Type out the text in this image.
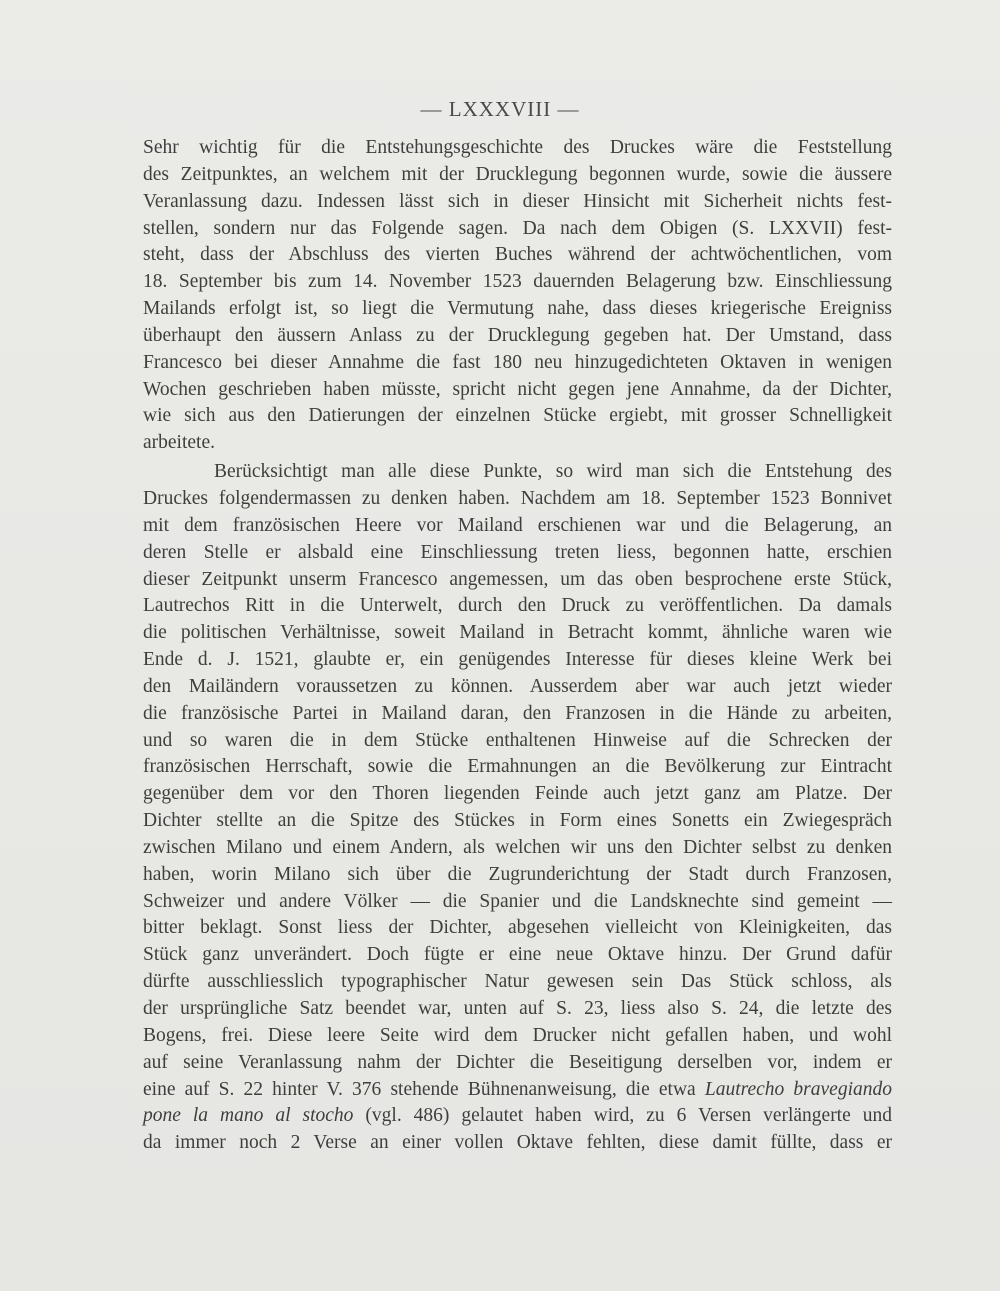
— LXXXVIII —
Sehr wichtig für die Entstehungsgeschichte des Druckes wäre die Feststellung
des Zeitpunktes, an welchem mit der Drucklegung begonnen wurde, sowie die äussere
Veranlassung dazu. Indessen lässt sich in dieser Hinsicht mit Sicherheit nichts fest-
stellen, sondern nur das Folgende sagen. Da nach dem Obigen (S. LXXVII) fest-
steht, dass der Abschluss des vierten Buches während der achtwöchentlichen, vom
18. September bis zum 14. November 1523 dauernden Belagerung bzw. Einschliessung
Mailands erfolgt ist, so liegt die Vermutung nahe, dass dieses kriegerische Ereigniss
überhaupt den äussern Anlass zu der Drucklegung gegeben hat. Der Umstand, dass
Francesco bei dieser Annahme die fast 180 neu hinzugedichteten Oktaven in wenigen
Wochen geschrieben haben müsste, spricht nicht gegen jene Annahme, da der Dichter,
wie sich aus den Datierungen der einzelnen Stücke ergiebt, mit grosser Schnelligkeit
arbeitete.
Berücksichtigt man alle diese Punkte, so wird man sich die Entstehung des
Druckes folgendermassen zu denken haben. Nachdem am 18. September 1523 Bonnivet
mit dem französischen Heere vor Mailand erschienen war und die Belagerung, an
deren Stelle er alsbald eine Einschliessung treten liess, begonnen hatte, erschien
dieser Zeitpunkt unserm Francesco angemessen, um das oben besprochene erste Stück,
Lautrechos Ritt in die Unterwelt, durch den Druck zu veröffentlichen. Da damals
die politischen Verhältnisse, soweit Mailand in Betracht kommt, ähnliche waren wie
Ende d. J. 1521, glaubte er, ein genügendes Interesse für dieses kleine Werk bei
den Mailändern voraussetzen zu können. Ausserdem aber war auch jetzt wieder
die französische Partei in Mailand daran, den Franzosen in die Hände zu arbeiten,
und so waren die in dem Stücke enthaltenen Hinweise auf die Schrecken der
französischen Herrschaft, sowie die Ermahnungen an die Bevölkerung zur Eintracht
gegenüber dem vor den Thoren liegenden Feinde auch jetzt ganz am Platze. Der
Dichter stellte an die Spitze des Stückes in Form eines Sonetts ein Zwiegespräch
zwischen Milano und einem Andern, als welchen wir uns den Dichter selbst zu denken
haben, worin Milano sich über die Zugrunderichtung der Stadt durch Franzosen,
Schweizer und andere Völker — die Spanier und die Landsknechte sind gemeint —
bitter beklagt. Sonst liess der Dichter, abgesehen vielleicht von Kleinigkeiten, das
Stück ganz unverändert. Doch fügte er eine neue Oktave hinzu. Der Grund dafür
dürfte ausschliesslich typographischer Natur gewesen sein Das Stück schloss, als
der ursprüngliche Satz beendet war, unten auf S. 23, liess also S. 24, die letzte des
Bogens, frei. Diese leere Seite wird dem Drucker nicht gefallen haben, und wohl
auf seine Veranlassung nahm der Dichter die Beseitigung derselben vor, indem er
eine auf S. 22 hinter V. 376 stehende Bühnenanweisung, die etwa Lautrecho bravegiando
pone la mano al stocho (vgl. 486) gelautet haben wird, zu 6 Versen verlängerte und
da immer noch 2 Verse an einer vollen Oktave fehlten, diese damit füllte, dass er
